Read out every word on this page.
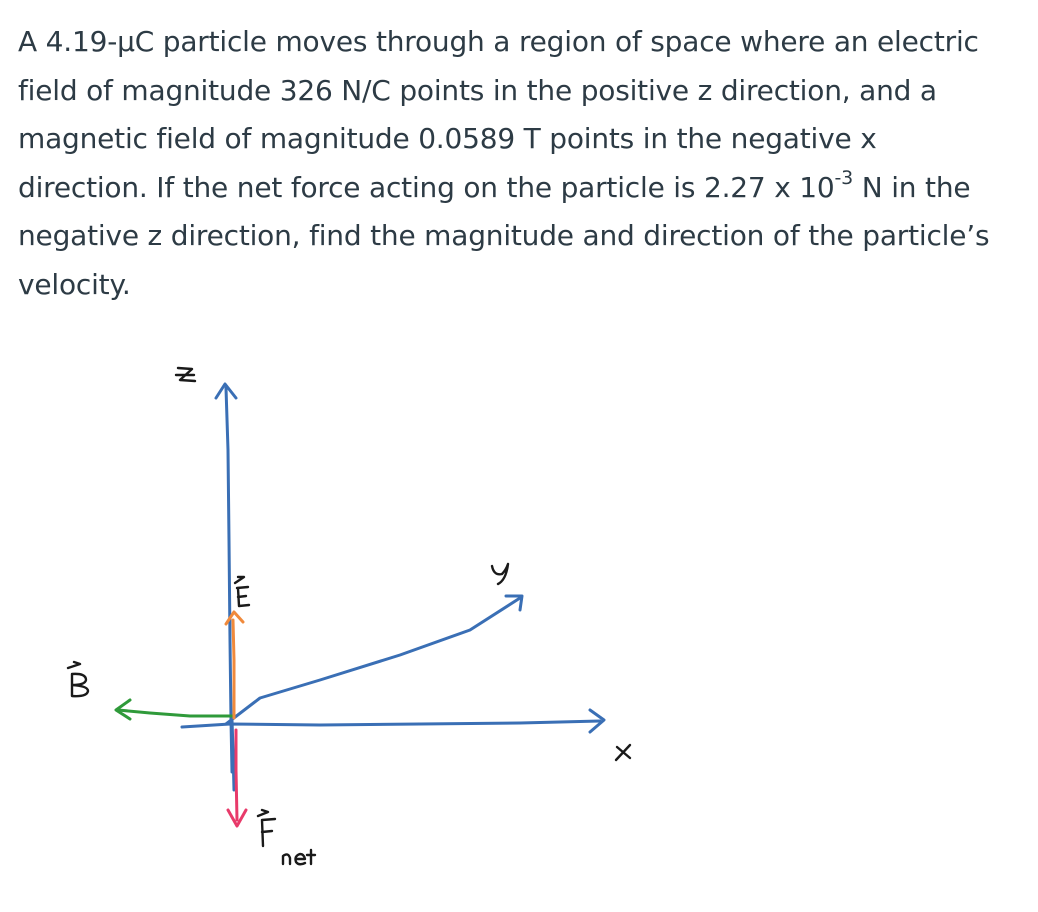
A 4.19-µC particle moves through a region of space where an electric
field of magnitude 326 N/C points in the positive z direction, and a
magnetic field of magnitude 0.0589 T points in the negative x
direction. If the net force acting on the particle is 2.27 x $10^{-3}$ N in the
negative z direction, find the magnitude and direction of the particle’s
velocity.
